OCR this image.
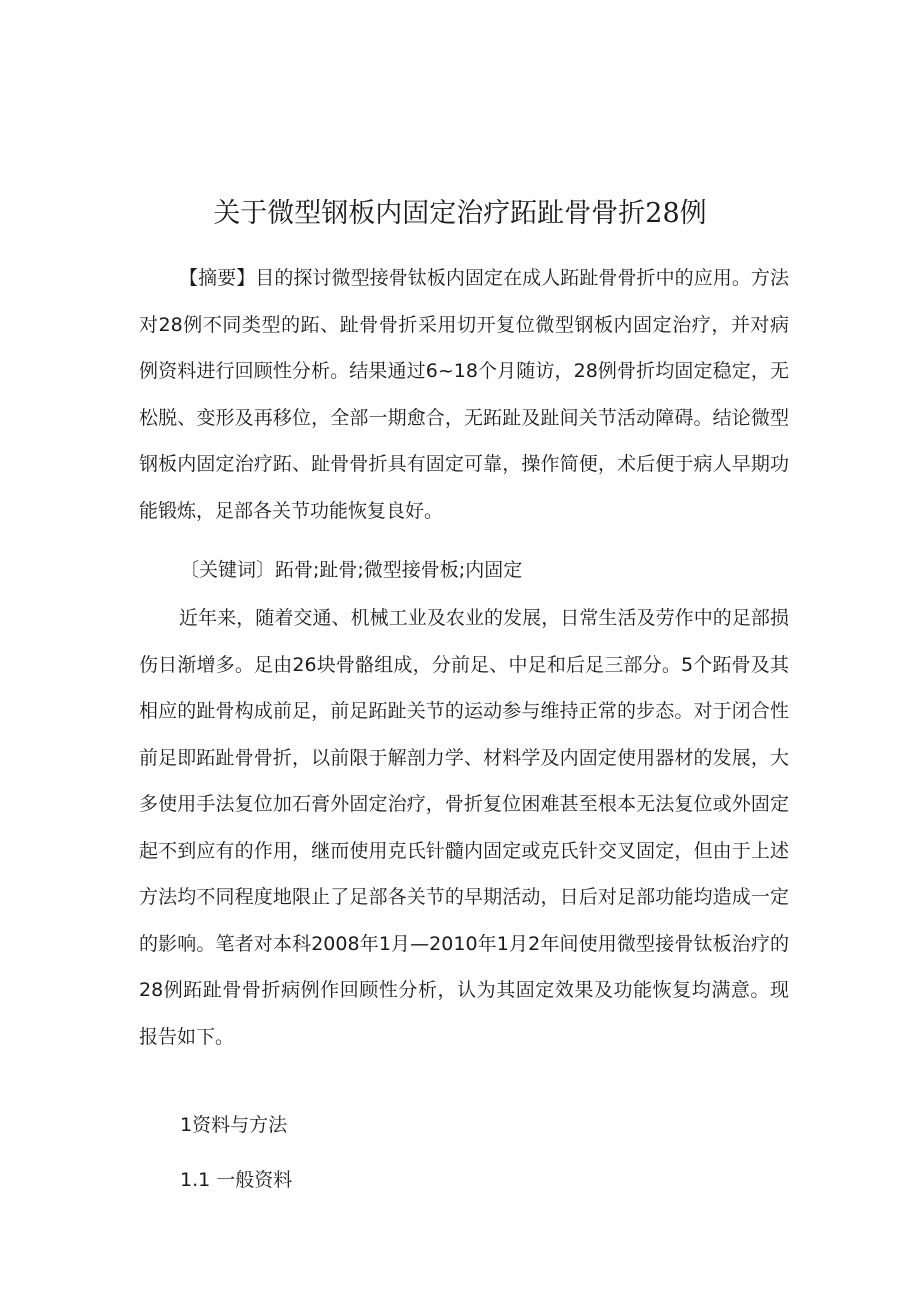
关于微型钢板内固定治疗跖趾骨骨折28例

【摘要】目的探讨微型接骨钛板内固定在成人跖趾骨骨折中的应用。方法对28例不同类型的跖、趾骨骨折采用切开复位微型钢板内固定治疗，并对病例资料进行回顾性分析。结果通过6~18个月随访，28例骨折均固定稳定，无松脱、变形及再移位，全部一期愈合，无跖趾及趾间关节活动障碍。结论微型钢板内固定治疗跖、趾骨骨折具有固定可靠，操作简便，术后便于病人早期功能锻炼，足部各关节功能恢复良好。

〔关键词〕跖骨;趾骨;微型接骨板;内固定

近年来，随着交通、机械工业及农业的发展，日常生活及劳作中的足部损伤日渐增多。足由26块骨骼组成，分前足、中足和后足三部分。5个跖骨及其相应的趾骨构成前足，前足跖趾关节的运动参与维持正常的步态。对于闭合性前足即跖趾骨骨折，以前限于解剖力学、材料学及内固定使用器材的发展，大多使用手法复位加石膏外固定治疗，骨折复位困难甚至根本无法复位或外固定起不到应有的作用，继而使用克氏针髓内固定或克氏针交叉固定，但由于上述方法均不同程度地限止了足部各关节的早期活动，日后对足部功能均造成一定的影响。笔者对本科2008年1月—2010年1月2年间使用微型接骨钛板治疗的28例跖趾骨骨折病例作回顾性分析，认为其固定效果及功能恢复均满意。现报告如下。

1资料与方法
1.1 一般资料
